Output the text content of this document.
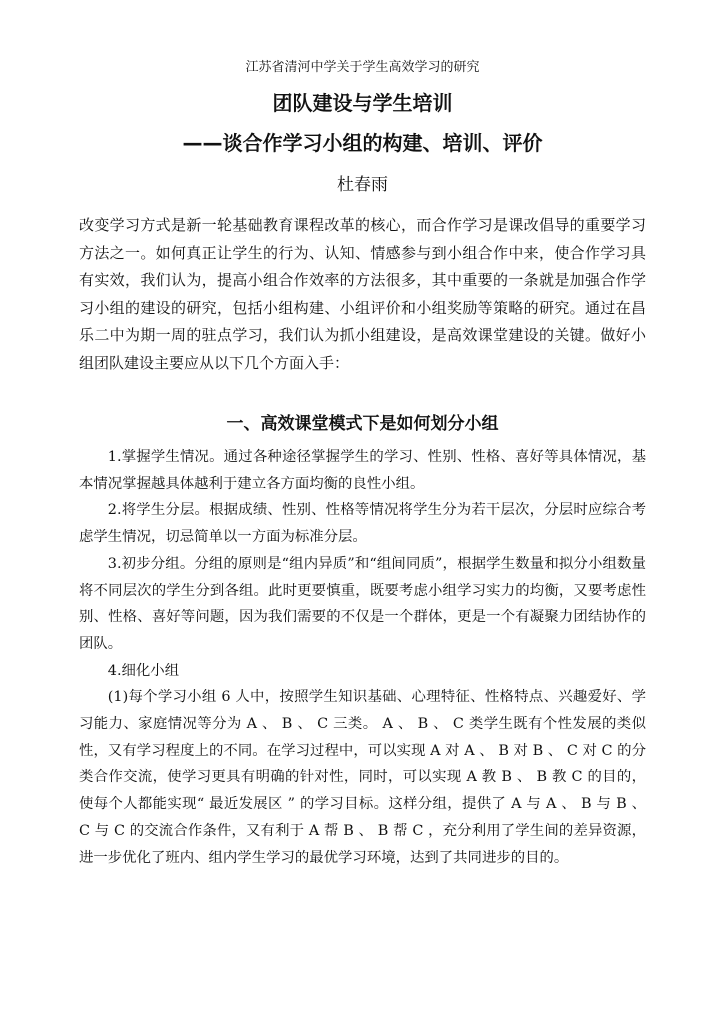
江苏省清河中学关于学生高效学习的研究
团队建设与学生培训
——谈合作学习小组的构建、培训、评价
杜春雨

改变学习方式是新一轮基础教育课程改革的核心，而合作学习是课改倡导的重要学习方法之一。如何真正让学生的行为、认知、情感参与到小组合作中来，使合作学习具有实效，我们认为，提高小组合作效率的方法很多，其中重要的一条就是加强合作学习小组的建设的研究，包括小组构建、小组评价和小组奖励等策略的研究。通过在昌乐二中为期一周的驻点学习，我们认为抓小组建设，是高效课堂建设的关键。做好小组团队建设主要应从以下几个方面入手：

一、高效课堂模式下是如何划分小组

1.掌握学生情况。通过各种途径掌握学生的学习、性别、性格、喜好等具体情况，基本情况掌握越具体越利于建立各方面均衡的良性小组。

2.将学生分层。根据成绩、性别、性格等情况将学生分为若干层次，分层时应综合考虑学生情况，切忌简单以一方面为标准分层。

3.初步分组。分组的原则是“组内异质”和“组间同质”，根据学生数量和拟分小组数量将不同层次的学生分到各组。此时更要慎重，既要考虑小组学习实力的均衡，又要考虑性别、性格、喜好等问题，因为我们需要的不仅是一个群体，更是一个有凝聚力团结协作的团队。

4.细化小组

(1)每个学习小组 6 人中，按照学生知识基础、心理特征、性格特点、兴趣爱好、学习能力、家庭情况等分为 A 、 B 、 C 三类。 A 、 B 、 C 类学生既有个性发展的类似性，又有学习程度上的不同。在学习过程中，可以实现 A 对 A 、 B 对 B 、 C 对 C 的分类合作交流，使学习更具有明确的针对性，同时，可以实现 A 教 B 、 B 教 C 的目的，使每个人都能实现“ 最近发展区 ” 的学习目标。这样分组，提供了 A 与 A 、 B 与 B 、 C 与 C 的交流合作条件，又有利于 A 帮 B 、 B 帮 C ，充分利用了学生间的差异资源，进一步优化了班内、组内学生学习的最优学习环境，达到了共同进步的目的。
